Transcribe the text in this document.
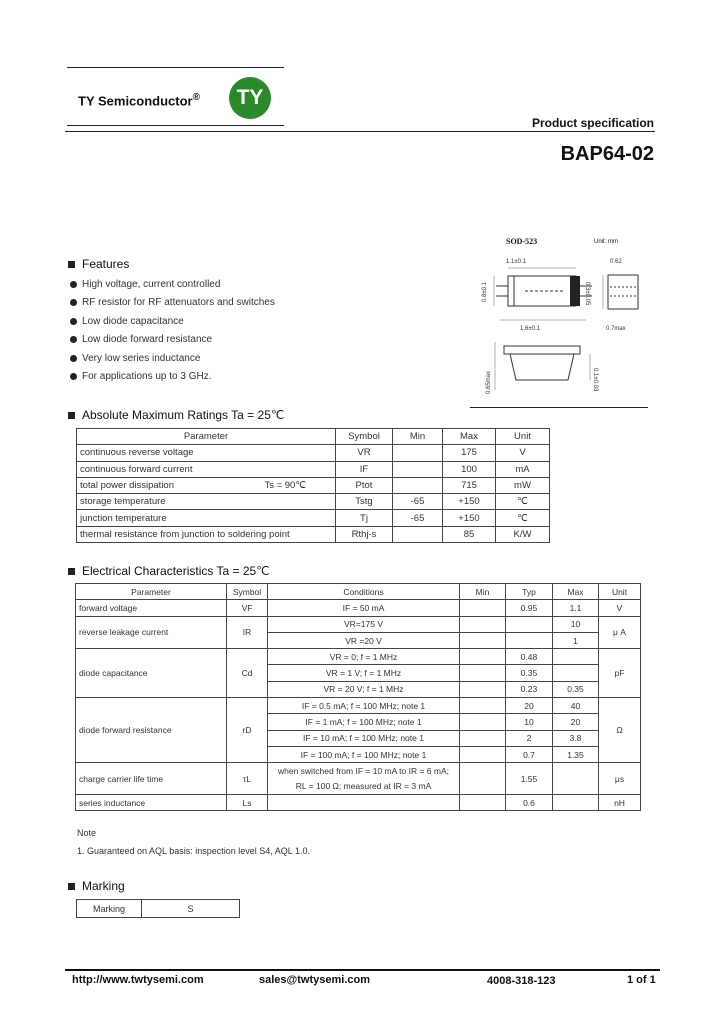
TY Semiconductor®	TY
Product specification
BAP64-02
SOD-523	Unit: mm
1.1±0.1
1.6±0.1
0.62
0.7max
0.8±0.1	0.3±0.05
0.65max	0.1±0.03
Features
High voltage, current controlled
RF resistor for RF attenuators and switches
Low diode capacitance
Low diode forward resistance
Very low series inductance
For applications up to 3 GHz.
Absolute Maximum Ratings Ta = 25℃
Parameter	Symbol	Min	Max	Unit
continuous reverse voltage	VR		175	V
continuous forward current	IF		100	mA
total power dissipation Ts = 90℃	Ptot		715	mW
storage temperature	Tstg	-65	+150	℃
junction temperature	Tj	-65	+150	℃
thermal resistance from junction to soldering point	Rthj-s		85	K/W
Electrical Characteristics Ta = 25℃
Parameter	Symbol	Conditions	Min	Typ	Max	Unit
forward voltage	VF	IF = 50 mA		0.95	1.1	V
reverse leakage current	IR	VR=175 V			10	μ A
		VR =20 V			1	
diode capacitance	Cd	VR = 0; f = 1 MHz		0.48		pF
		VR = 1 V; f = 1 MHz		0.35		
		VR = 20 V; f = 1 MHz		0.23	0.35	
diode forward resistance	rD	IF = 0.5 mA; f = 100 MHz; note 1		20	40	Ω
		IF = 1 mA; f = 100 MHz; note 1		10	20	
		IF = 10 mA; f = 100 MHz; note 1		2	3.8	
		IF = 100 mA; f = 100 MHz; note 1		0.7	1.35	
charge carrier life time	τL	when switched from IF = 10 mA to IR = 6 mA;		1.55		μs
		RL = 100 Ω; measured at IR = 3 mA				
series inductance	Ls			0.6		nH
Note
1. Guaranteed on AQL basis: inspection level S4, AQL 1.0.
Marking
Marking	S
http://www.twtysemi.com	sales@twtysemi.com	4008-318-123	1 of 1
